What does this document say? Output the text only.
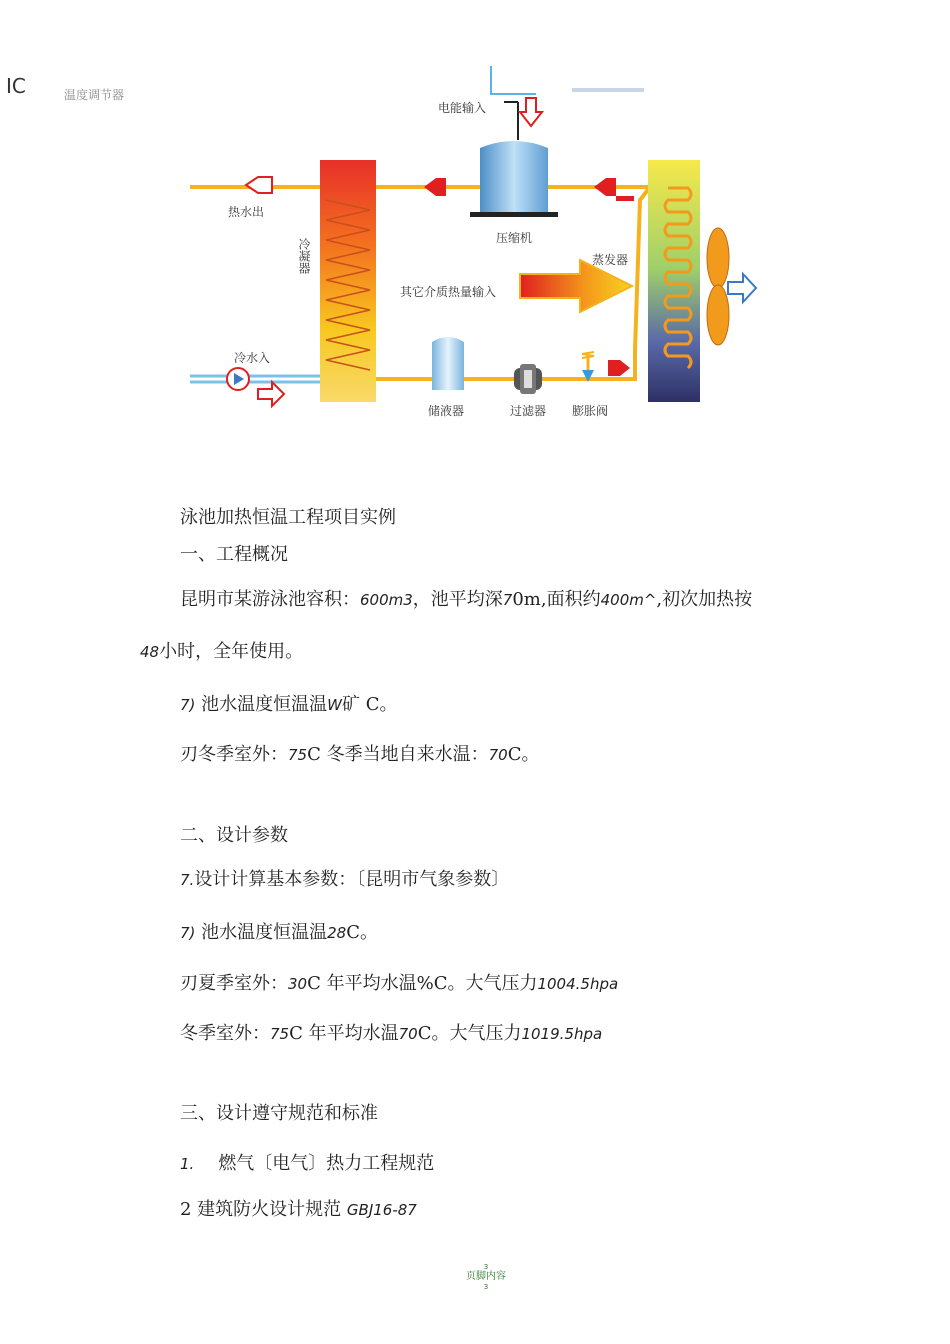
IC	温度调节器
电能输入
热水出
压缩机
冷凝器	蒸发器
其它介质热量输入
冷水入
储液器	过滤器 膨胀阀
泳池加热恒温工程项目实例
一、工程概况
昆明市某游泳池容积：600m3，池平均深70m,面积约400m^,初次加热按
48小时，全年使用。
7) 池水温度恒温温W矿 C。
刃冬季室外：75C 冬季当地自来水温：70C。
二、设计参数
7.设计计算基本参数：〔昆明市气象参数〕
7) 池水温度恒温温28C。
刃夏季室外：30C 年平均水温%C。大气压力1004.5hpa
冬季室外：75C 年平均水温70C。大气压力1019.5hpa
三、设计遵守规范和标准
1. 燃气〔电气〕热力工程规范
2 建筑防火设计规范 GBJ16-87
3
页脚内容
3
